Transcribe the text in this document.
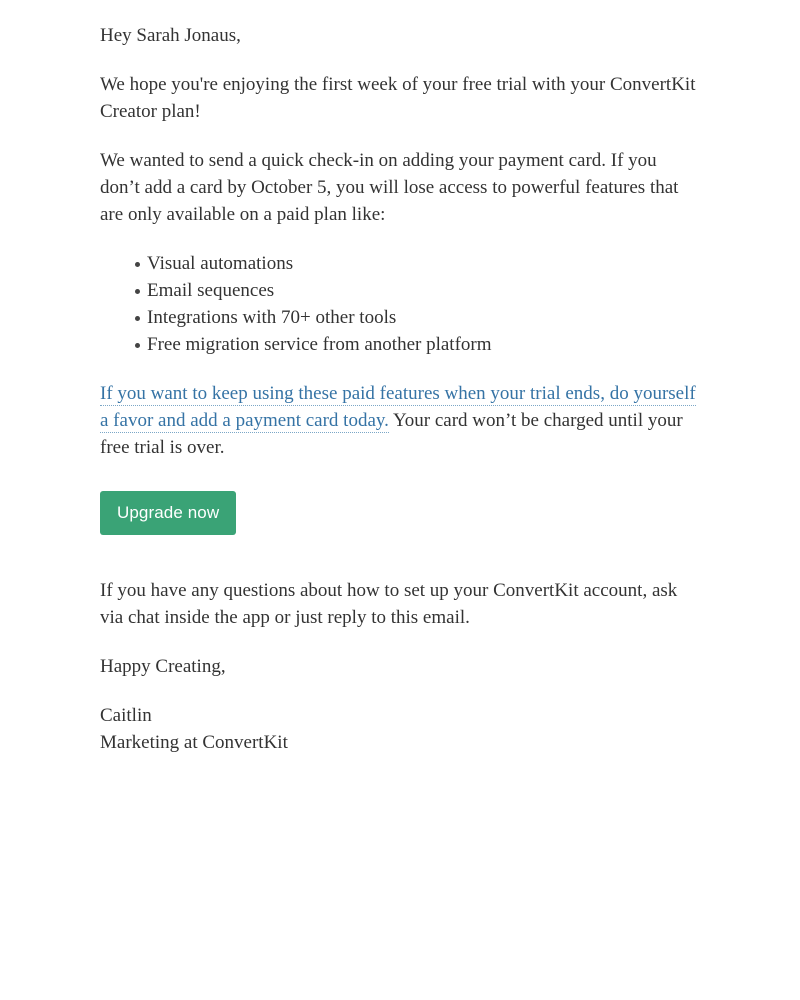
Hey Sarah Jonaus,

We hope you're enjoying the first week of your free trial with your ConvertKit Creator plan!

We wanted to send a quick check-in on adding your payment card. If you don’t add a card by October 5, you will lose access to powerful features that are only available on a paid plan like:

Visual automations
Email sequences
Integrations with 70+ other tools
Free migration service from another platform

If you want to keep using these paid features when your trial ends, do yourself a favor and add a payment card today. Your card won’t be charged until your free trial is over.

Upgrade now

If you have any questions about how to set up your ConvertKit account, ask via chat inside the app or just reply to this email.

Happy Creating,

Caitlin
Marketing at ConvertKit
